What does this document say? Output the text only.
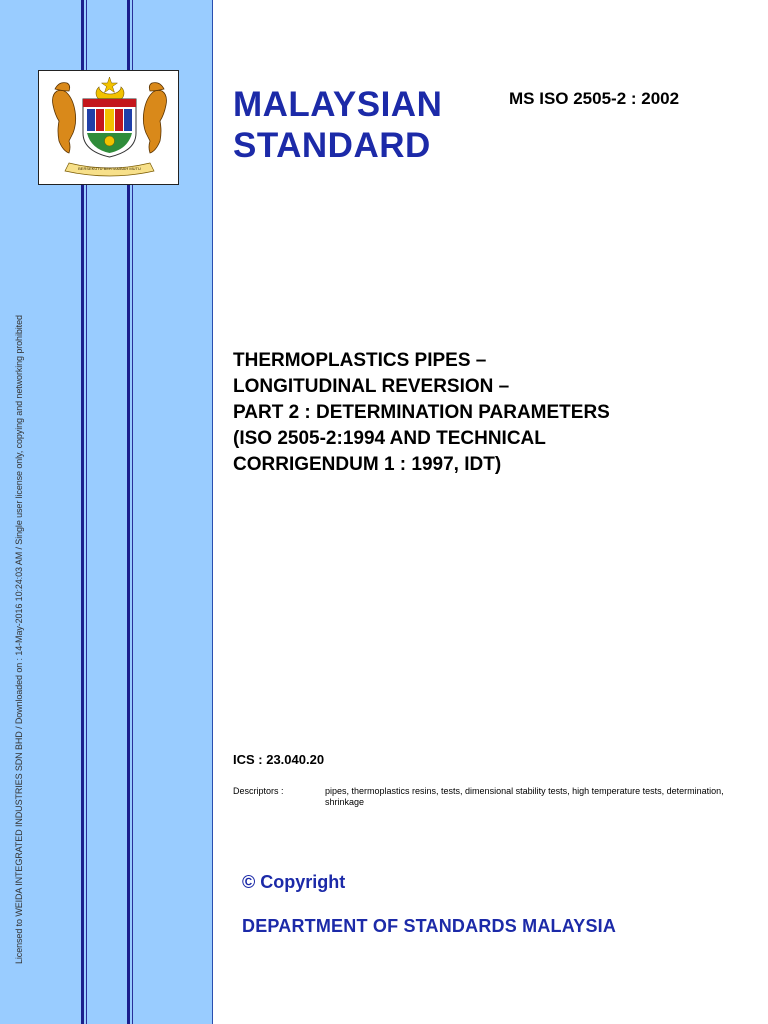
Licensed to WEIDA INTEGRATED INDUSTRIES SDN BHD / Downloaded on : 14-May-2016 10:24:03 AM / Single user license only, copying and networking prohibited
BERSEKUTU BERTAMBAH MUTU
MALAYSIAN
STANDARD
MS ISO 2505-2 : 2002
THERMOPLASTICS PIPES –
LONGITUDINAL REVERSION –
PART 2 : DETERMINATION PARAMETERS
(ISO 2505-2:1994 AND TECHNICAL
CORRIGENDUM 1 : 1997, IDT)
ICS : 23.040.20
Descriptors :	pipes, thermoplastics resins, tests, dimensional stability tests, high temperature tests, determination, shrinkage
© Copyright
DEPARTMENT OF STANDARDS MALAYSIA
